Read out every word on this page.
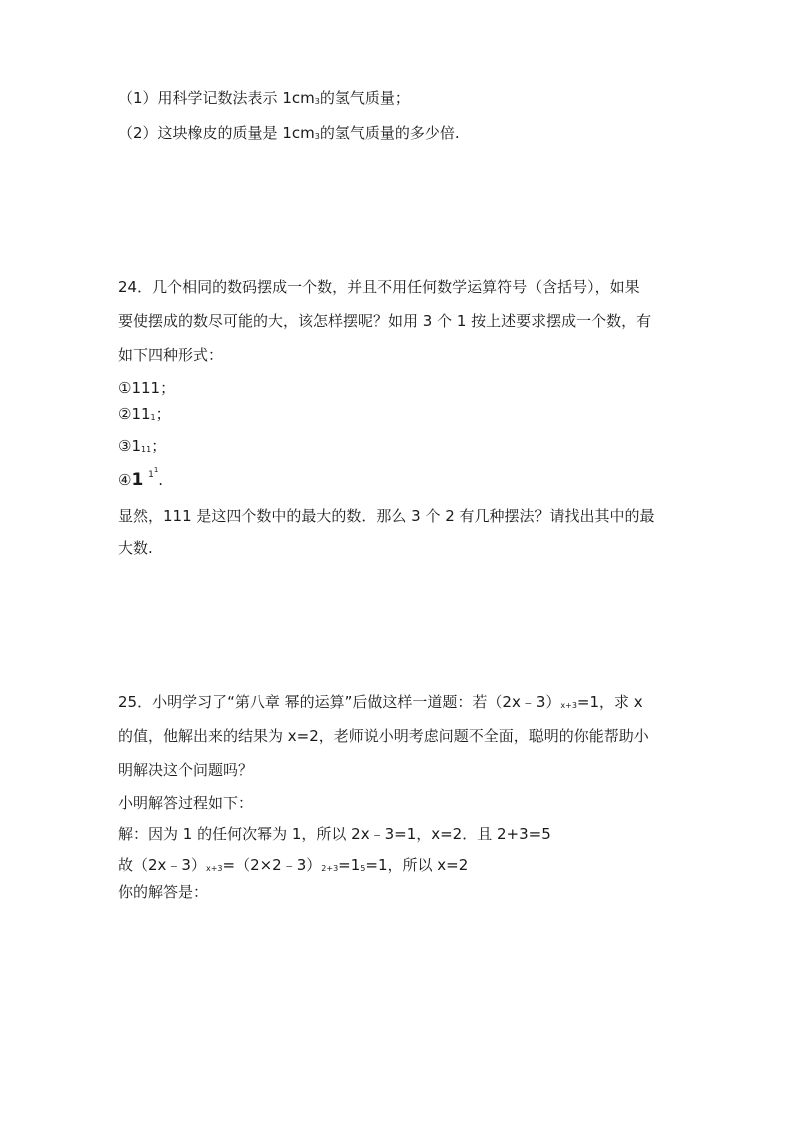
（1）用科学记数法表示 1cm3的氢气质量；
（2）这块橡皮的质量是 1cm3的氢气质量的多少倍.
24．几个相同的数码摆成一个数，并且不用任何数学运算符号（含括号），如果
要使摆成的数尽可能的大，该怎样摆呢？如用 3 个 1 按上述要求摆成一个数，有
如下四种形式：
①111；
②111；
③111；
④1 $^{11}$.
显然，111 是这四个数中的最大的数．那么 3 个 2 有几种摆法？请找出其中的最
大数.
25．小明学习了“第八章 幂的运算”后做这样一道题：若（2x﹣3）x+3=1，求 x
的值，他解出来的结果为 x=2，老师说小明考虑问题不全面，聪明的你能帮助小
明解决这个问题吗？
小明解答过程如下：
解：因为 1 的任何次幂为 1，所以 2x﹣3=1，x=2．且 2+3=5
故（2x﹣3）x+3=（2×2﹣3）2+3=15=1，所以 x=2
你的解答是：
